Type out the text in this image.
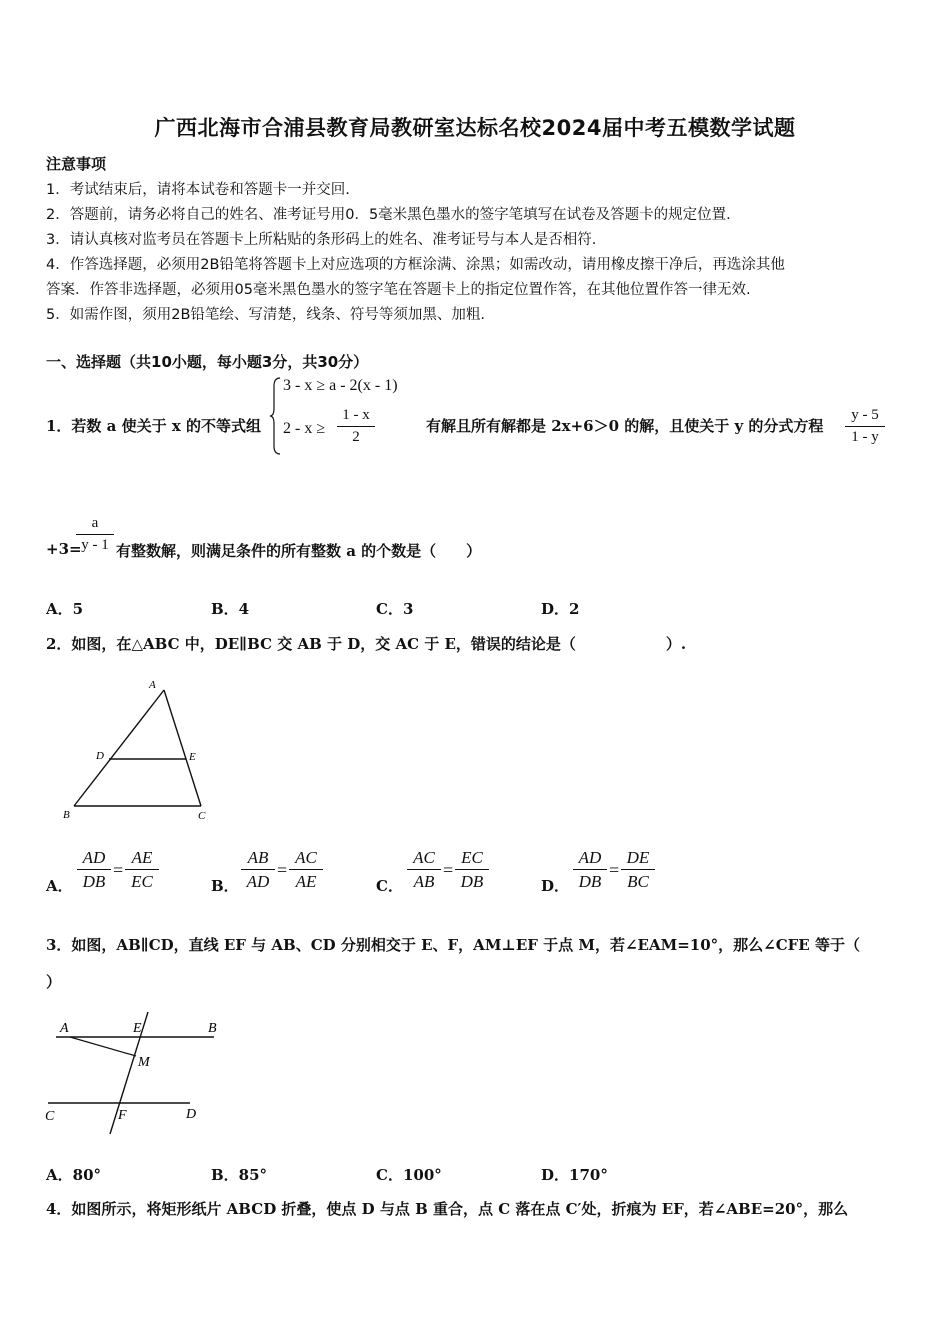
广西北海市合浦县教育局教研室达标名校2024届中考五模数学试题
注意事项
1．考试结束后，请将本试卷和答题卡一并交回.
2．答题前，请务必将自己的姓名、准考证号用0．5毫米黑色墨水的签字笔填写在试卷及答题卡的规定位置.
3．请认真核对监考员在答题卡上所粘贴的条形码上的姓名、准考证号与本人是否相符.
4．作答选择题，必须用2B铅笔将答题卡上对应选项的方框涂满、涂黑；如需改动，请用橡皮擦干净后，再选涂其他
答案．作答非选择题，必须用05毫米黑色墨水的签字笔在答题卡上的指定位置作答，在其他位置作答一律无效.
5．如需作图，须用2B铅笔绘、写清楚，线条、符号等须加黑、加粗.
一、选择题（共10小题，每小题3分，共30分）
1．若数 a 使关于 x 的不等式组
3 - x ≥ a - 2(x - 1)
$2 - x \ge \frac{1 - x}{2}$	有解且所有解都是 2x+6＞0 的解，且使关于 y 的分式方程 $\frac{y - 5}{1 - y}$
+3=
$\frac{a}{y - 1}$ 有整数解，则满足条件的所有整数 a 的个数是（　　）
A．5	B．4	C．3	D．2
2．如图，在△ABC 中，DE∥BC 交 AB 于 D，交 AC 于 E，错误的结论是（　　　　　　）.
A
D	E
B	C
A． $\frac{AD}{DB} = \frac{AE}{EC}$	B． $\frac{AB}{AD} = \frac{AC}{AE}$	C． $\frac{AC}{AB} = \frac{EC}{DB}$	D． $\frac{AD}{DB} = \frac{DE}{BC}$
3．如图，AB∥CD，直线 EF 与 AB、CD 分别相交于 E、F，AM⊥EF 于点 M，若∠EAM=10°，那么∠CFE 等于（
）
A	E	B
M
C	F	D
A．80°	B．85°	C．100°	D．170°
4．如图所示，将矩形纸片 ABCD 折叠，使点 D 与点 B 重合，点 C 落在点 C′处，折痕为 EF，若∠ABE=20°，那么
